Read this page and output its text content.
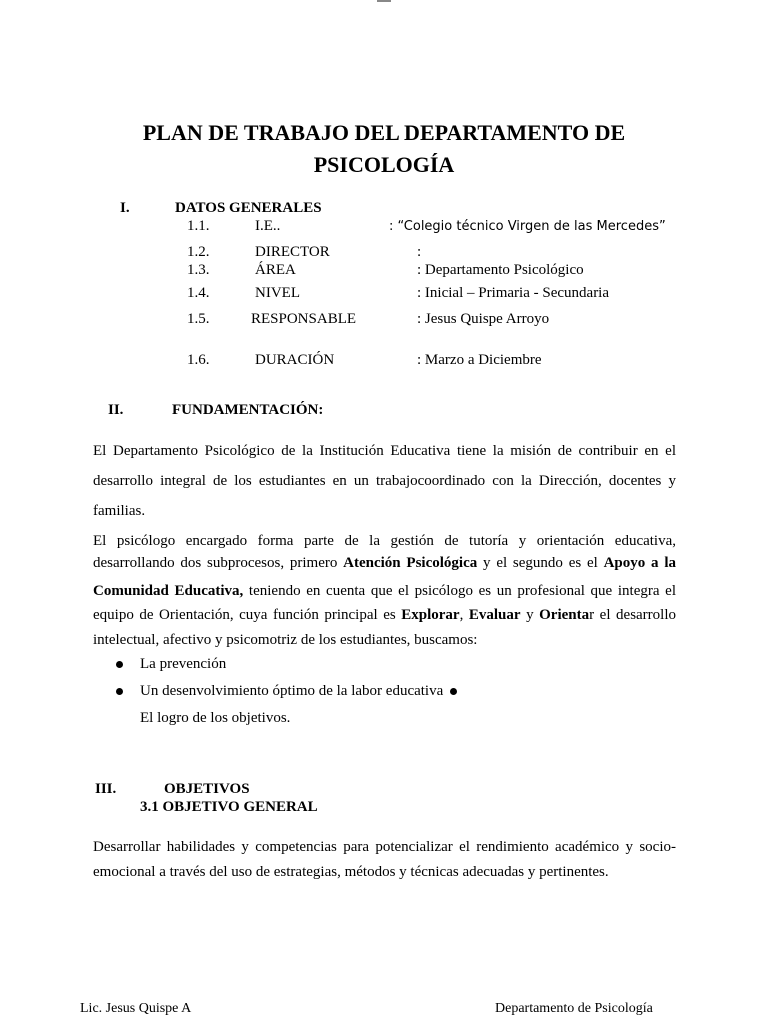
PLAN DE TRABAJO DEL DEPARTAMENTO DE
PSICOLOGÍA
I.	DATOS GENERALES
1.1.	I.E..	: “Colegio técnico Virgen de las Mercedes”
1.2.	DIRECTOR	:
1.3.	ÁREA	: Departamento Psicológico
1.4.	NIVEL	: Inicial – Primaria - Secundaria
1.5.	RESPONSABLE	: Jesus Quispe Arroyo
1.6.	DURACIÓN	: Marzo a Diciembre
II.	FUNDAMENTACIÓN:
El Departamento Psicológico de la Institución Educativa tiene la misión de contribuir en el desarrollo integral de los estudiantes en un trabajocoordinado con la Dirección, docentes y familias.
El psicólogo encargado forma parte de la gestión de tutoría y orientación educativa,
desarrollando dos subprocesos, primero Atención Psicológica y el segundo es el Apoyo a la
Comunidad Educativa, teniendo en cuenta que el psicólogo es un profesional que integra el
equipo de Orientación, cuya función principal es Explorar, Evaluar y Orientar el desarrollo
intelectual, afectivo y psicomotriz de los estudiantes, buscamos:
La prevención
Un desenvolvimiento óptimo de la labor educativa
El logro de los objetivos.
III.	OBJETIVOS
3.1 OBJETIVO GENERAL
Desarrollar habilidades y competencias para potencializar el rendimiento académico y socio-
emocional a través del uso de estrategias, métodos y técnicas adecuadas y pertinentes.
Lic. Jesus Quispe A	Departamento de Psicología
